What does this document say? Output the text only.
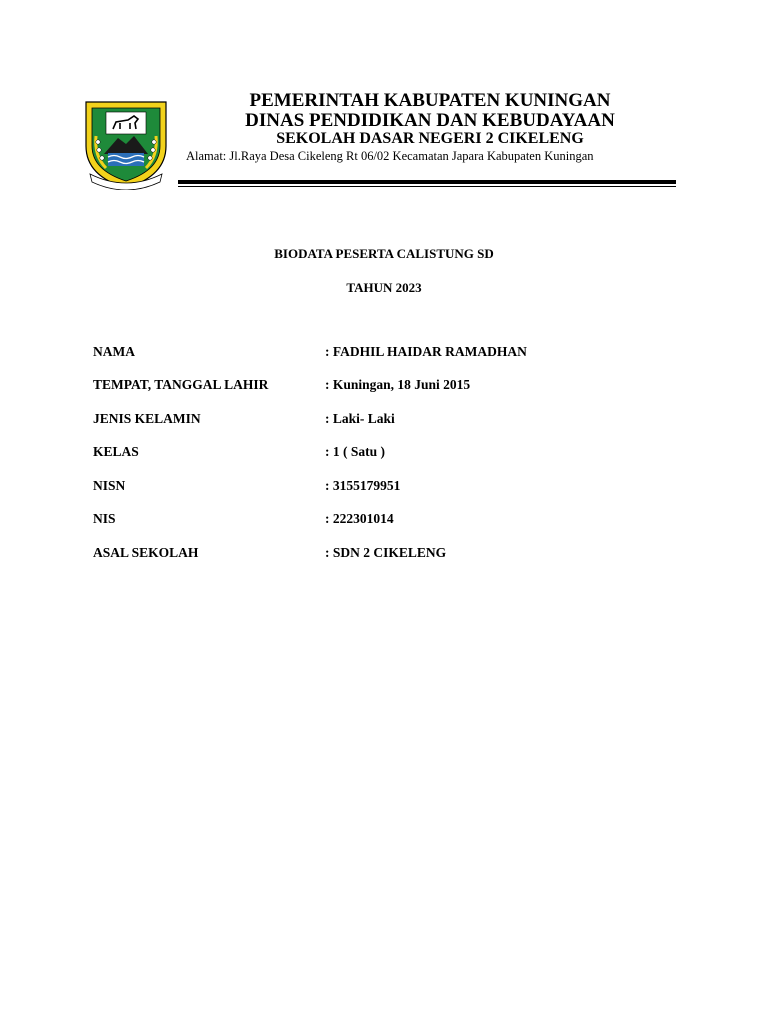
PEMERINTAH KABUPATEN KUNINGAN
DINAS PENDIDIKAN DAN KEBUDAYAAN
SEKOLAH DASAR NEGERI 2 CIKELENG
Alamat: Jl.Raya Desa Cikeleng Rt 06/02 Kecamatan Japara Kabupaten Kuningan
BIODATA PESERTA CALISTUNG SD
TAHUN 2023
NAMA	: FADHIL HAIDAR RAMADHAN
TEMPAT, TANGGAL LAHIR	: Kuningan, 18 Juni 2015
JENIS KELAMIN	: Laki- Laki
KELAS	: 1 ( Satu )
NISN	: 3155179951
NIS	: 222301014
ASAL SEKOLAH	: SDN 2 CIKELENG
